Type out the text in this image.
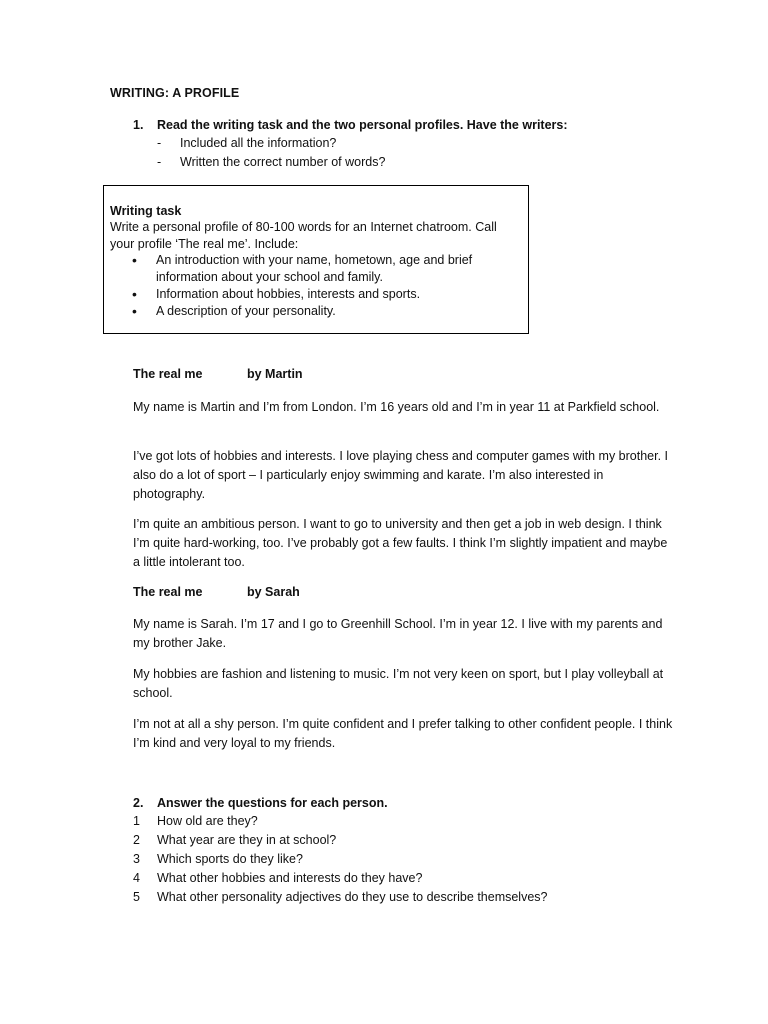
WRITING: A PROFILE
1. Read the writing task and the two personal profiles. Have the writers:
- Included all the information?
- Written the correct number of words?
Writing task
Write a personal profile of 80-100 words for an Internet chatroom. Call
your profile ‘The real me’. Include:
• An introduction with your name, hometown, age and brief
information about your school and family.
• Information about hobbies, interests and sports.
• A description of your personality.
The real me	by Martin
My name is Martin and I’m from London. I’m 16 years old and I’m in year 11 at Parkfield school.
I’ve got lots of hobbies and interests. I love playing chess and computer games with my brother. I also do a lot of sport – I particularly enjoy swimming and karate. I’m also interested in photography.
I’m quite an ambitious person. I want to go to university and then get a job in web design. I think I’m quite hard-working, too. I’ve probably got a few faults. I think I’m slightly impatient and maybe a little intolerant too.
The real me	by Sarah
My name is Sarah. I’m 17 and I go to Greenhill School. I’m in year 12. I live with my parents and my brother Jake.
My hobbies are fashion and listening to music. I’m not very keen on sport, but I play volleyball at school.
I’m not at all a shy person. I’m quite confident and I prefer talking to other confident people. I think I’m kind and very loyal to my friends.
2. Answer the questions for each person.
1 How old are they?
2 What year are they in at school?
3 Which sports do they like?
4 What other hobbies and interests do they have?
5 What other personality adjectives do they use to describe themselves?
